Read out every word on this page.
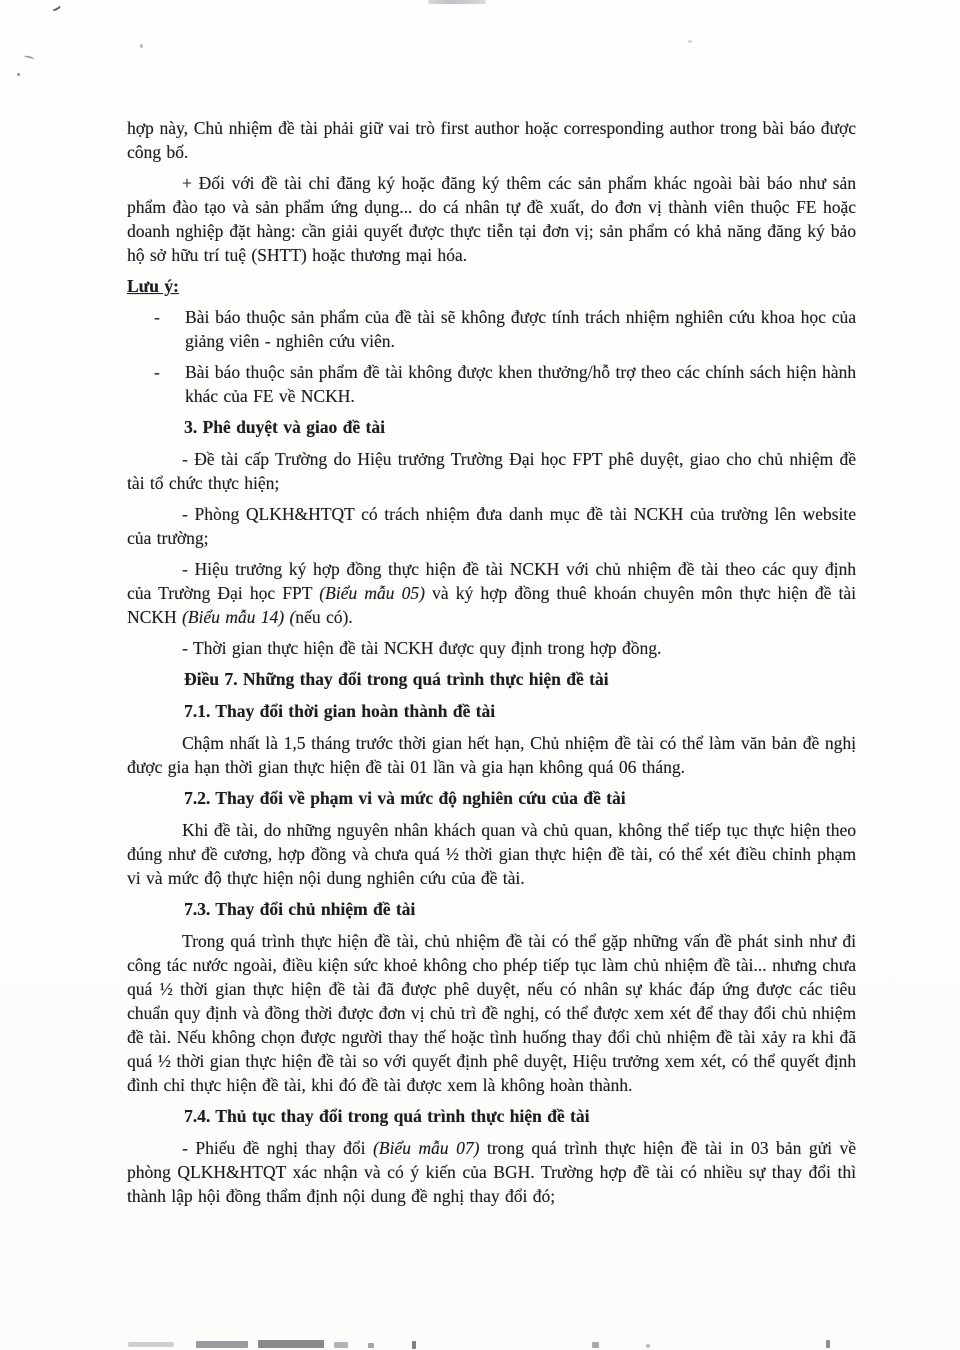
hợp này, Chủ nhiệm đề tài phải giữ vai trò first author hoặc corresponding author trong bài báo được công bố.
+ Đối với đề tài chỉ đăng ký hoặc đăng ký thêm các sản phẩm khác ngoài bài báo như sản phẩm đào tạo và sản phẩm ứng dụng... do cá nhân tự đề xuất, do đơn vị thành viên thuộc FE hoặc doanh nghiệp đặt hàng: cần giải quyết được thực tiễn tại đơn vị; sản phẩm có khả năng đăng ký bảo hộ sở hữu trí tuệ (SHTT) hoặc thương mại hóa.
Lưu ý:
- Bài báo thuộc sản phẩm của đề tài sẽ không được tính trách nhiệm nghiên cứu khoa học của giảng viên - nghiên cứu viên.
- Bài báo thuộc sản phẩm đề tài không được khen thưởng/hỗ trợ theo các chính sách hiện hành khác của FE về NCKH.
3. Phê duyệt và giao đề tài
- Đề tài cấp Trường do Hiệu trưởng Trường Đại học FPT phê duyệt, giao cho chủ nhiệm đề tài tổ chức thực hiện;
- Phòng QLKH&HTQT có trách nhiệm đưa danh mục đề tài NCKH của trường lên website của trường;
- Hiệu trưởng ký hợp đồng thực hiện đề tài NCKH với chủ nhiệm đề tài theo các quy định của Trường Đại học FPT (Biểu mẫu 05) và ký hợp đồng thuê khoán chuyên môn thực hiện đề tài NCKH (Biểu mẫu 14) (nếu có).
- Thời gian thực hiện đề tài NCKH được quy định trong hợp đồng.
Điều 7. Những thay đổi trong quá trình thực hiện đề tài
7.1. Thay đổi thời gian hoàn thành đề tài
Chậm nhất là 1,5 tháng trước thời gian hết hạn, Chủ nhiệm đề tài có thể làm văn bản đề nghị được gia hạn thời gian thực hiện đề tài 01 lần và gia hạn không quá 06 tháng.
7.2. Thay đổi về phạm vi và mức độ nghiên cứu của đề tài
Khi đề tài, do những nguyên nhân khách quan và chủ quan, không thể tiếp tục thực hiện theo đúng như đề cương, hợp đồng và chưa quá ½ thời gian thực hiện đề tài, có thể xét điều chỉnh phạm vi và mức độ thực hiện nội dung nghiên cứu của đề tài.
7.3. Thay đổi chủ nhiệm đề tài
Trong quá trình thực hiện đề tài, chủ nhiệm đề tài có thể gặp những vấn đề phát sinh như đi công tác nước ngoài, điều kiện sức khoẻ không cho phép tiếp tục làm chủ nhiệm đề tài... nhưng chưa quá ½ thời gian thực hiện đề tài đã được phê duyệt, nếu có nhân sự khác đáp ứng được các tiêu chuẩn quy định và đồng thời được đơn vị chủ trì đề nghị, có thể được xem xét để thay đổi chủ nhiệm đề tài. Nếu không chọn được người thay thế hoặc tình huống thay đổi chủ nhiệm đề tài xảy ra khi đã quá ½ thời gian thực hiện đề tài so với quyết định phê duyệt, Hiệu trưởng xem xét, có thể quyết định đình chỉ thực hiện đề tài, khi đó đề tài được xem là không hoàn thành.
7.4. Thủ tục thay đổi trong quá trình thực hiện đề tài
- Phiếu đề nghị thay đổi (Biểu mẫu 07) trong quá trình thực hiện đề tài in 03 bản gửi về phòng QLKH&HTQT xác nhận và có ý kiến của BGH. Trường hợp đề tài có nhiều sự thay đổi thì thành lập hội đồng thẩm định nội dung đề nghị thay đổi đó;
